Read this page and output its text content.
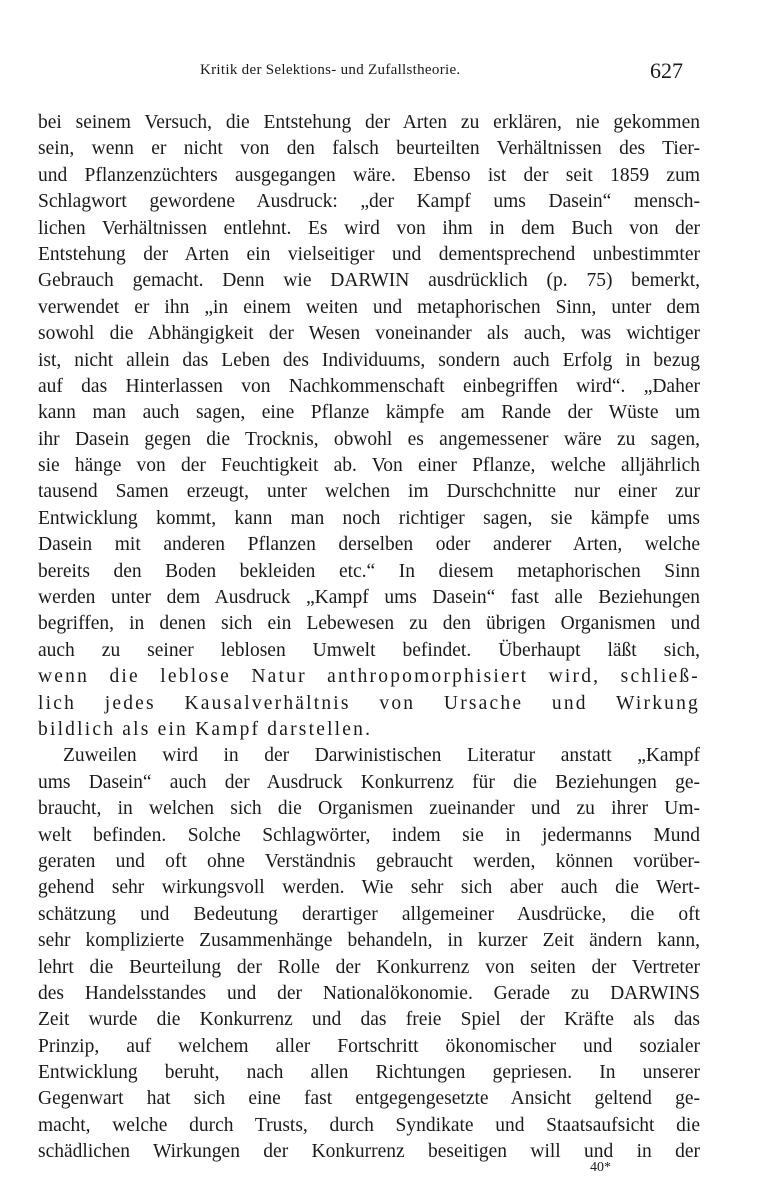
Kritik der Selektions- und Zufallstheorie.	627
bei seinem Versuch, die Entstehung der Arten zu erklären, nie gekommen
sein, wenn er nicht von den falsch beurteilten Verhältnissen des Tier-
und Pflanzenzüchters ausgegangen wäre. Ebenso ist der seit 1859 zum
Schlagwort gewordene Ausdruck: „der Kampf ums Dasein“ mensch-
lichen Verhältnissen entlehnt. Es wird von ihm in dem Buch von der
Entstehung der Arten ein vielseitiger und dementsprechend unbestimmter
Gebrauch gemacht. Denn wie DARWIN ausdrücklich (p. 75) bemerkt,
verwendet er ihn „in einem weiten und metaphorischen Sinn, unter dem
sowohl die Abhängigkeit der Wesen voneinander als auch, was wichtiger
ist, nicht allein das Leben des Individuums, sondern auch Erfolg in bezug
auf das Hinterlassen von Nachkommenschaft einbegriffen wird“. „Daher
kann man auch sagen, eine Pflanze kämpfe am Rande der Wüste um
ihr Dasein gegen die Trocknis, obwohl es angemessener wäre zu sagen,
sie hänge von der Feuchtigkeit ab. Von einer Pflanze, welche alljährlich
tausend Samen erzeugt, unter welchen im Durschchnitte nur einer zur
Entwicklung kommt, kann man noch richtiger sagen, sie kämpfe ums
Dasein mit anderen Pflanzen derselben oder anderer Arten, welche
bereits den Boden bekleiden etc.“ In diesem metaphorischen Sinn
werden unter dem Ausdruck „Kampf ums Dasein“ fast alle Beziehungen
begriffen, in denen sich ein Lebewesen zu den übrigen Organismen und
auch zu seiner leblosen Umwelt befindet. Überhaupt läßt sich,
wenn die leblose Natur anthropomorphisiert wird, schließ-
lich jedes Kausalverhältnis von Ursache und Wirkung
bildlich als ein Kampf darstellen.
Zuweilen wird in der Darwinistischen Literatur anstatt „Kampf
ums Dasein“ auch der Ausdruck Konkurrenz für die Beziehungen ge-
braucht, in welchen sich die Organismen zueinander und zu ihrer Um-
welt befinden. Solche Schlagwörter, indem sie in jedermanns Mund
geraten und oft ohne Verständnis gebraucht werden, können vorüber-
gehend sehr wirkungsvoll werden. Wie sehr sich aber auch die Wert-
schätzung und Bedeutung derartiger allgemeiner Ausdrücke, die oft
sehr komplizierte Zusammenhänge behandeln, in kurzer Zeit ändern kann,
lehrt die Beurteilung der Rolle der Konkurrenz von seiten der Vertreter
des Handelsstandes und der Nationalökonomie. Gerade zu DARWINS
Zeit wurde die Konkurrenz und das freie Spiel der Kräfte als das
Prinzip, auf welchem aller Fortschritt ökonomischer und sozialer
Entwicklung beruht, nach allen Richtungen gepriesen. In unserer
Gegenwart hat sich eine fast entgegengesetzte Ansicht geltend ge-
macht, welche durch Trusts, durch Syndikate und Staatsaufsicht die
schädlichen Wirkungen der Konkurrenz beseitigen will und in der
40*
